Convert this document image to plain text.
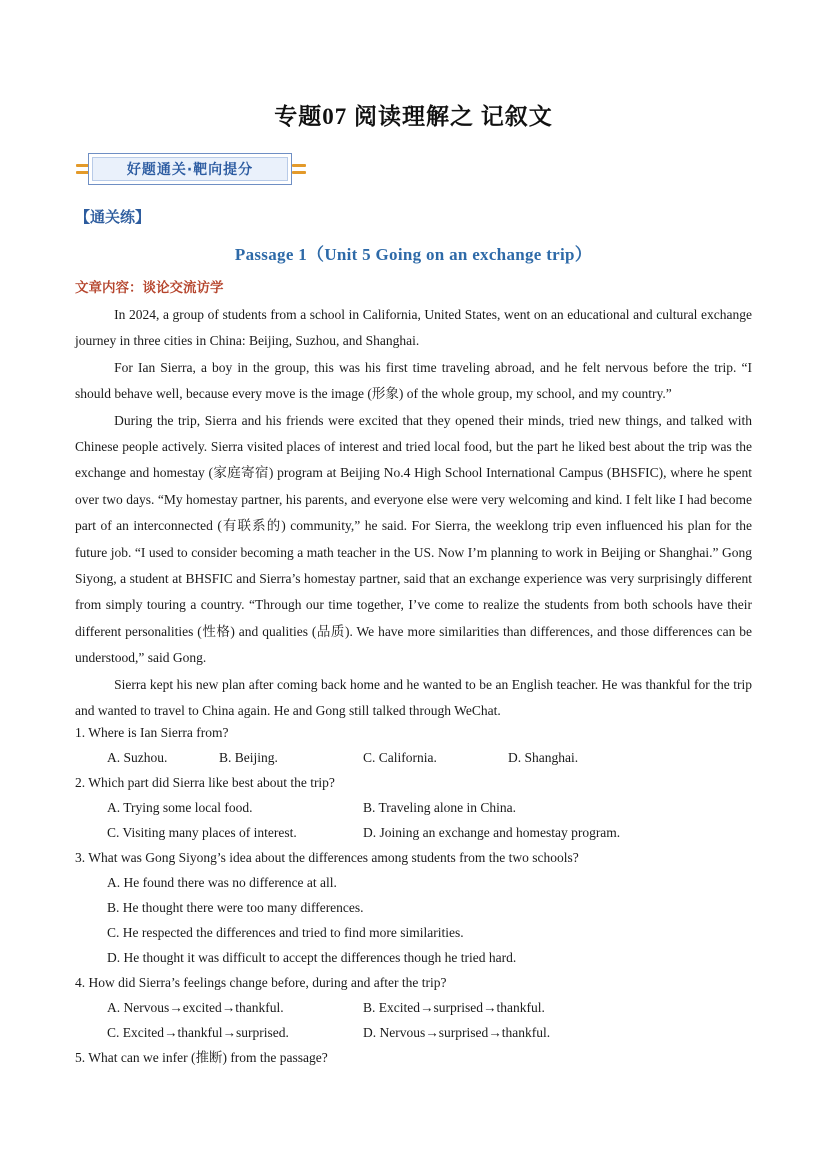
专题07 阅读理解之 记叙文
好题通关·靶向提分
【通关练】
Passage 1（Unit 5 Going on an exchange trip）
文章内容：谈论交流访学

In 2024, a group of students from a school in California, United States, went on an educational and cultural exchange journey in three cities in China: Beijing, Suzhou, and Shanghai.

For Ian Sierra, a boy in the group, this was his first time traveling abroad, and he felt nervous before the trip. “I should behave well, because every move is the image (形象) of the whole group, my school, and my country.”

During the trip, Sierra and his friends were excited that they opened their minds, tried new things, and talked with Chinese people actively. Sierra visited places of interest and tried local food, but the part he liked best about the trip was the exchange and homestay (家庭寄宿) program at Beijing No.4 High School International Campus (BHSFIC), where he spent over two days. “My homestay partner, his parents, and everyone else were very welcoming and kind. I felt like I had become part of an interconnected (有联系的) community,” he said. For Sierra, the weeklong trip even influenced his plan for the future job. “I used to consider becoming a math teacher in the US. Now I’m planning to work in Beijing or Shanghai.” Gong Siyong, a student at BHSFIC and Sierra’s homestay partner, said that an exchange experience was very surprisingly different from simply touring a country. “Through our time together, I’ve come to realize the students from both schools have their different personalities (性格) and qualities (品质). We have more similarities than differences, and those differences can be understood,” said Gong.

Sierra kept his new plan after coming back home and he wanted to be an English teacher. He was thankful for the trip and wanted to travel to China again. He and Gong still talked through WeChat.

1. Where is Ian Sierra from?
A. Suzhou.	B. Beijing.	C. California.	D. Shanghai.
2. Which part did Sierra like best about the trip?
A. Trying some local food.	B. Traveling alone in China.
C. Visiting many places of interest.	D. Joining an exchange and homestay program.
3. What was Gong Siyong’s idea about the differences among students from the two schools?
A. He found there was no difference at all.
B. He thought there were too many differences.
C. He respected the differences and tried to find more similarities.
D. He thought it was difficult to accept the differences though he tried hard.
4. How did Sierra’s feelings change before, during and after the trip?
A. Nervous→excited→thankful.	B. Excited→surprised→thankful.
C. Excited→thankful→surprised.	D. Nervous→surprised→thankful.
5. What can we infer (推断) from the passage?
